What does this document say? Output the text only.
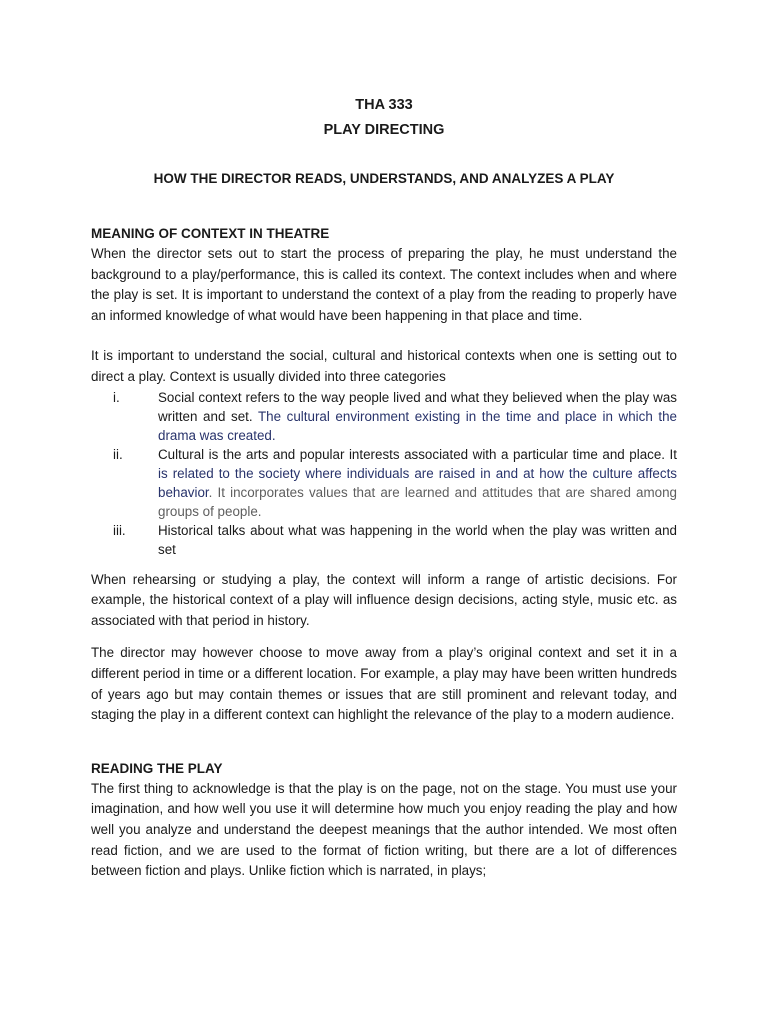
THA 333
PLAY DIRECTING
HOW THE DIRECTOR READS, UNDERSTANDS, AND ANALYZES A PLAY
MEANING OF CONTEXT IN THEATRE

When the director sets out to start the process of preparing the play, he must understand the background to a play/performance, this is called its context. The context includes when and where the play is set. It is important to understand the context of a play from the reading to properly have an informed knowledge of what would have been happening in that place and time.

It is important to understand the social, cultural and historical contexts when one is setting out to direct a play. Context is usually divided into three categories

i.	Social context refers to the way people lived and what they believed when the play was written and set. The cultural environment existing in the time and place in which the drama was created.
ii.	Cultural is the arts and popular interests associated with a particular time and place. It is related to the society where individuals are raised in and at how the culture affects behavior. It incorporates values that are learned and attitudes that are shared among groups of people.
iii.	Historical talks about what was happening in the world when the play was written and set

When rehearsing or studying a play, the context will inform a range of artistic decisions. For example, the historical context of a play will influence design decisions, acting style, music etc. as associated with that period in history.

The director may however choose to move away from a play’s original context and set it in a different period in time or a different location. For example, a play may have been written hundreds of years ago but may contain themes or issues that are still prominent and relevant today, and staging the play in a different context can highlight the relevance of the play to a modern audience.

READING THE PLAY

The first thing to acknowledge is that the play is on the page, not on the stage. You must use your imagination, and how well you use it will determine how much you enjoy reading the play and how well you analyze and understand the deepest meanings that the author intended. We most often read fiction, and we are used to the format of fiction writing, but there are a lot of differences between fiction and plays. Unlike fiction which is narrated, in plays;
